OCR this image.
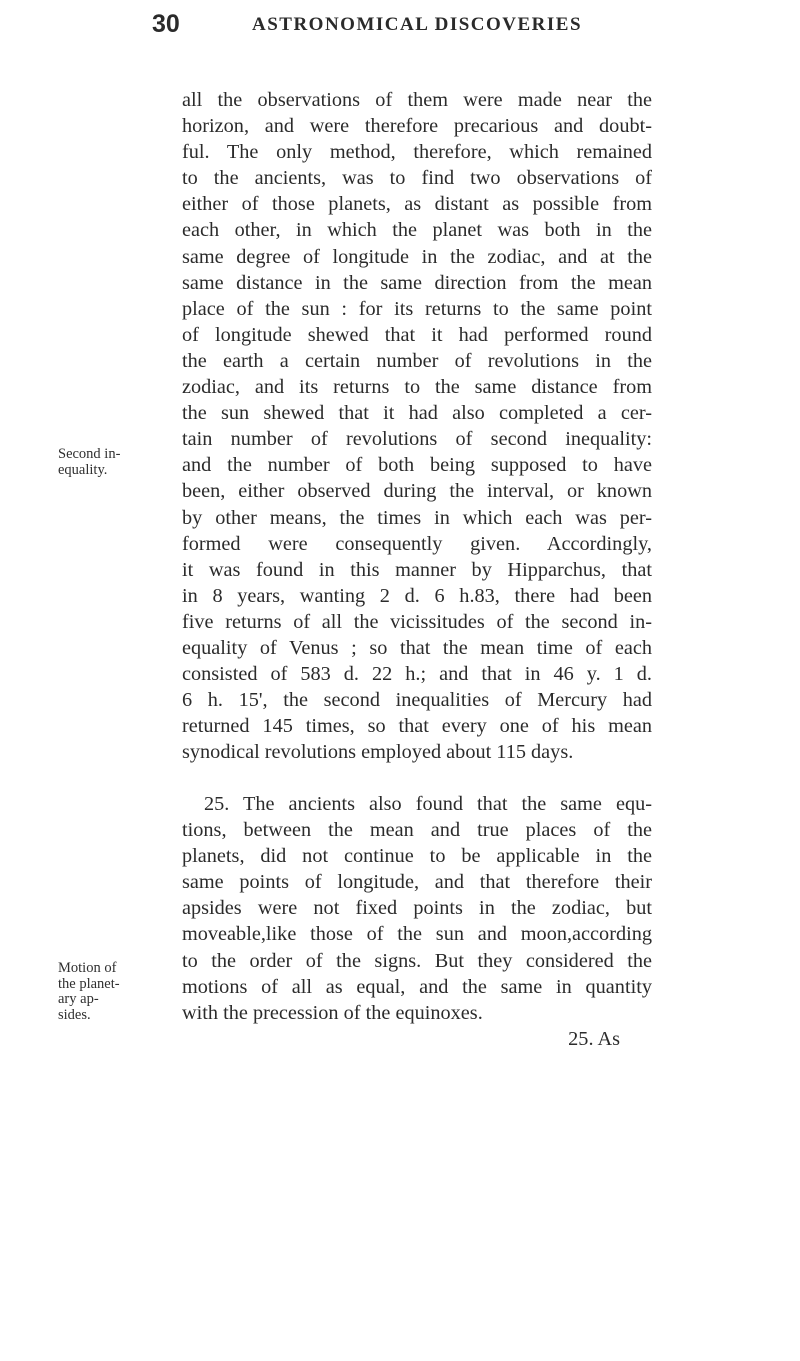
30	ASTRONOMICAL DISCOVERIES
Second in-
equality.
Motion of
the planet-
ary ap-
sides.
all the observations of them were made near the
horizon, and were therefore precarious and doubt-
ful. The only method, therefore, which remained
to the ancients, was to find two observations of
either of those planets, as distant as possible from
each other, in which the planet was both in the
same degree of longitude in the zodiac, and at the
same distance in the same direction from the mean
place of the sun : for its returns to the same point
of longitude shewed that it had performed round
the earth a certain number of revolutions in the
zodiac, and its returns to the same distance from
the sun shewed that it had also completed a cer-
tain number of revolutions of second inequality:
and the number of both being supposed to have
been, either observed during the interval, or known
by other means, the times in which each was per-
formed were consequently given. Accordingly,
it was found in this manner by Hipparchus, that
in 8 years, wanting 2 d. 6 h.83, there had been
five returns of all the vicissitudes of the second in-
equality of Venus ; so that the mean time of each
consisted of 583 d. 22 h.; and that in 46 y. 1 d.
6 h. 15', the second inequalities of Mercury had
returned 145 times, so that every one of his mean
synodical revolutions employed about 115 days.
25. The ancients also found that the same equ-
tions, between the mean and true places of the
planets, did not continue to be applicable in the
same points of longitude, and that therefore their
apsides were not fixed points in the zodiac, but
moveable,like those of the sun and moon,according
to the order of the signs. But they considered the
motions of all as equal, and the same in quantity
with the precession of the equinoxes.
25. As
